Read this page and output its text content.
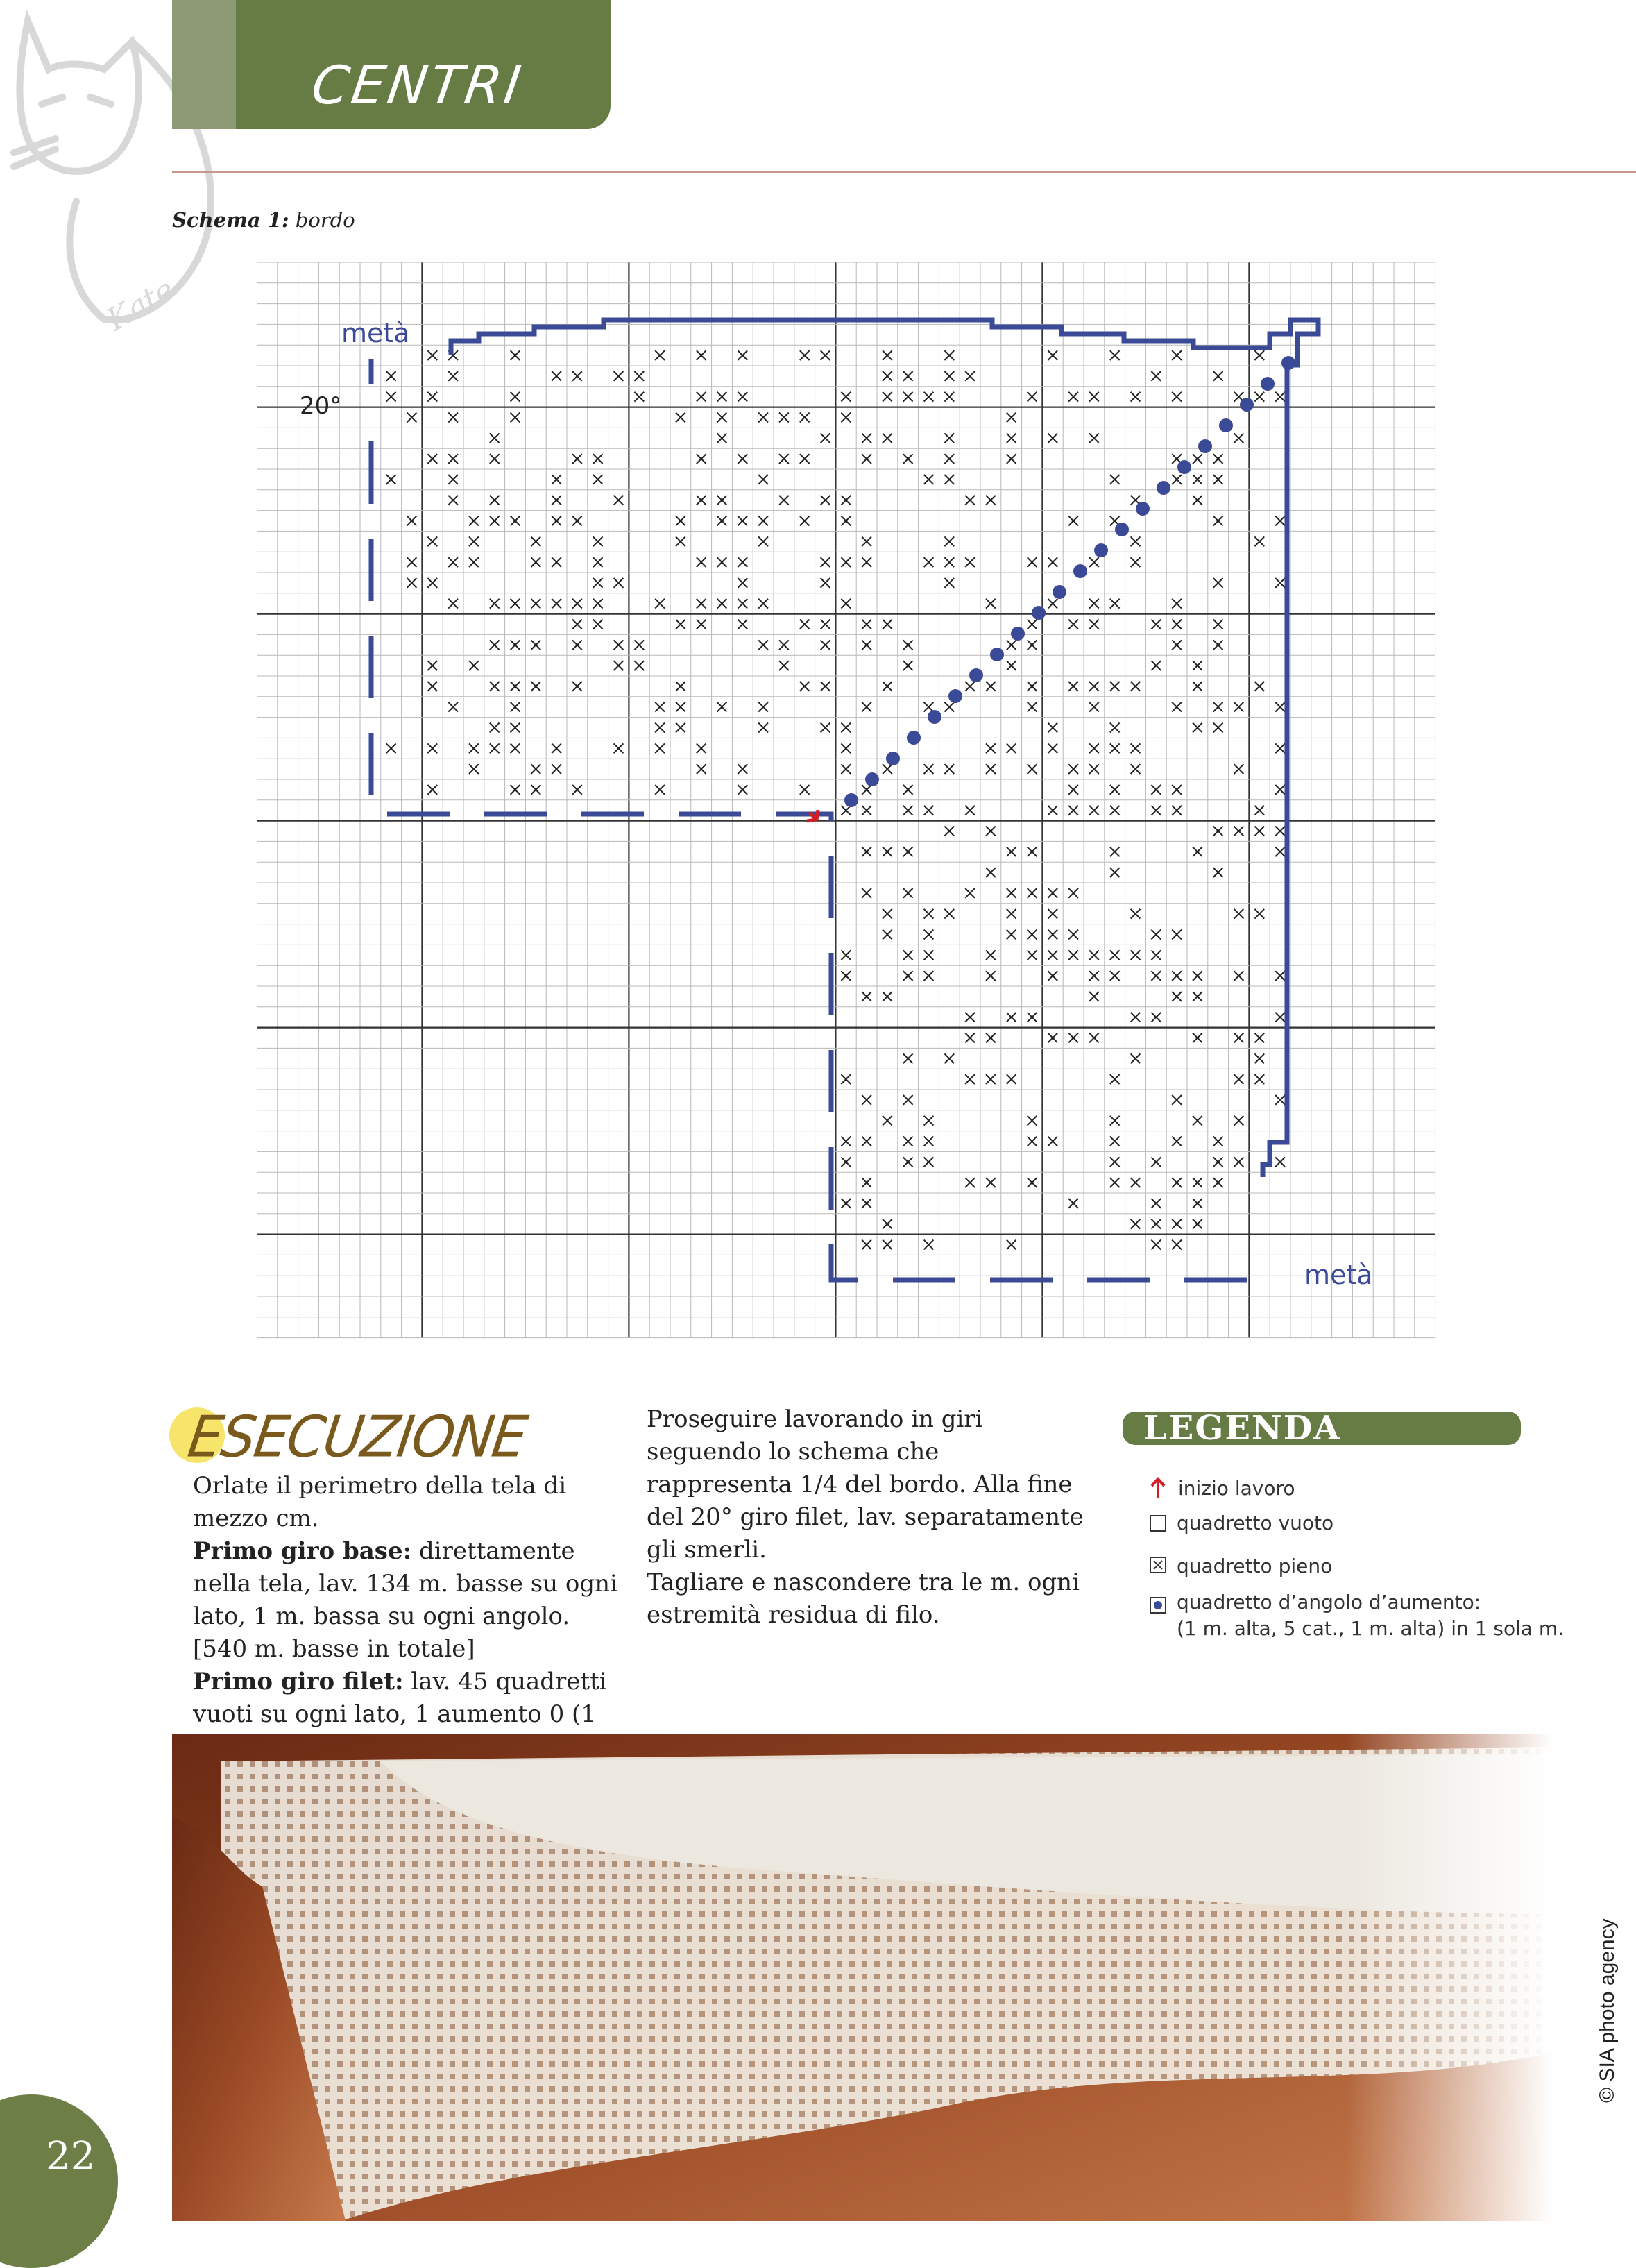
Kate
CENTRI
Schema 1: bordo
metà
20°
metà
ESECUZIONE
Orlate il perimetro della tela di mezzo cm.
Primo giro base: direttamente nella tela, lav. 134 m. basse su ogni lato, 1 m. bassa su ogni angolo. [540 m. basse in totale]
Primo giro filet: lav. 45 quadretti vuoti su ogni lato, 1 aumento 0 (1
Proseguire lavorando in giri seguendo lo schema che rappresenta 1/4 del bordo. Alla fine del 20° giro filet, lav. separatamente gli smerli.
Tagliare e nascondere tra le m. ogni estremità residua di filo.
LEGENDA
inizio lavoro
quadretto vuoto
quadretto pieno
quadretto d’angolo d’aumento:
(1 m. alta, 5 cat., 1 m. alta) in 1 sola m.
© SIA photo agency
22
